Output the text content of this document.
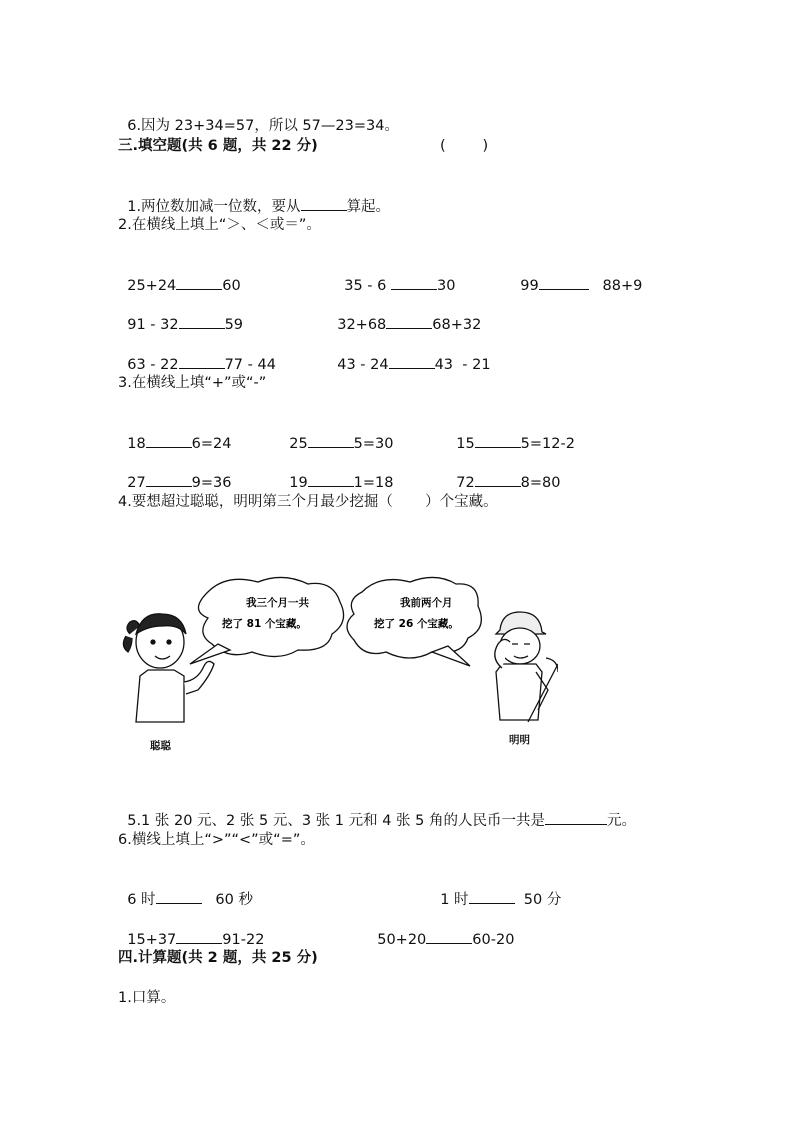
6.因为 23+34=57，所以 57—23=34。

(        )

三.填空题(共 6 题，共 22 分)

1.两位数加减一位数，要从	算起。

2.在横线上填上“＞、＜或＝”。

25+24	60	35 - 6	30	99	88+9

91 - 32	59	32+68	68+32

63 - 22	77 - 44	43 - 24	43  - 21

3.在横线上填“+”或“-”

18	6=24	25	5=30	15	5=12-2

27	9=36	19	1=18	72	8=80

4.要想超过聪聪，明明第三个月最少挖掘（       ）个宝藏。
我三个月一共
挖了 81 个宝藏。
我前两个月
挖了 26 个宝藏。
聪聪	明明

5.1 张 20 元、2 张 5 元、3 张 1 元和 4 张 5 角的人民币一共是	元。

6.横线上填上“>”“<”或“=”。

6 时	60 秒	1 时	50 分

15+37	91-22	50+20	60-20

四.计算题(共 2 题，共 25 分)
1.口算。
